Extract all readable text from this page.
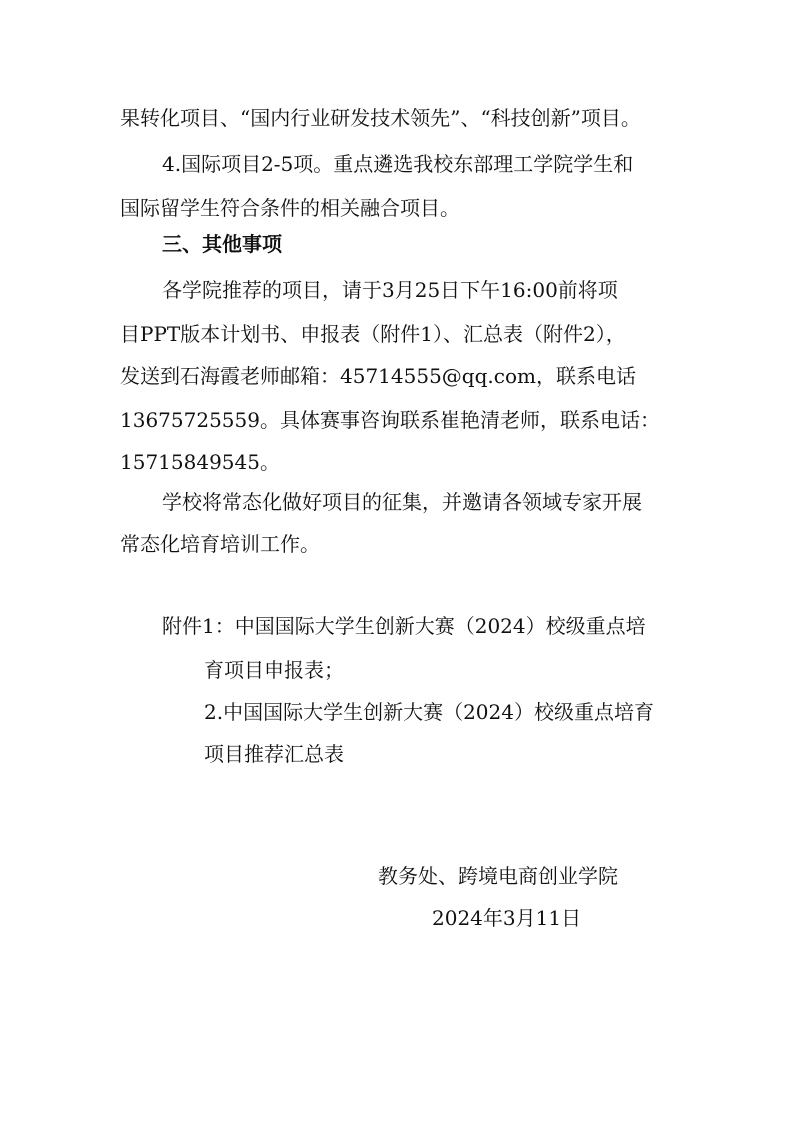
果转化项目、“国内行业研发技术领先”、“科技创新”项目。
4.国际项目2-5项。重点遴选我校东部理工学院学生和
国际留学生符合条件的相关融合项目。
三、其他事项
各学院推荐的项目，请于3月25日下午16:00前将项
目PPT版本计划书、申报表（附件1）、汇总表（附件2），
发送到石海霞老师邮箱：45714555@qq.com，联系电话
13675725559。具体赛事咨询联系崔艳清老师，联系电话：
15715849545。
学校将常态化做好项目的征集，并邀请各领域专家开展
常态化培育培训工作。
附件1：中国国际大学生创新大赛（2024）校级重点培
育项目申报表；
2.中国国际大学生创新大赛（2024）校级重点培育
项目推荐汇总表
教务处、跨境电商创业学院
2024年3月11日
